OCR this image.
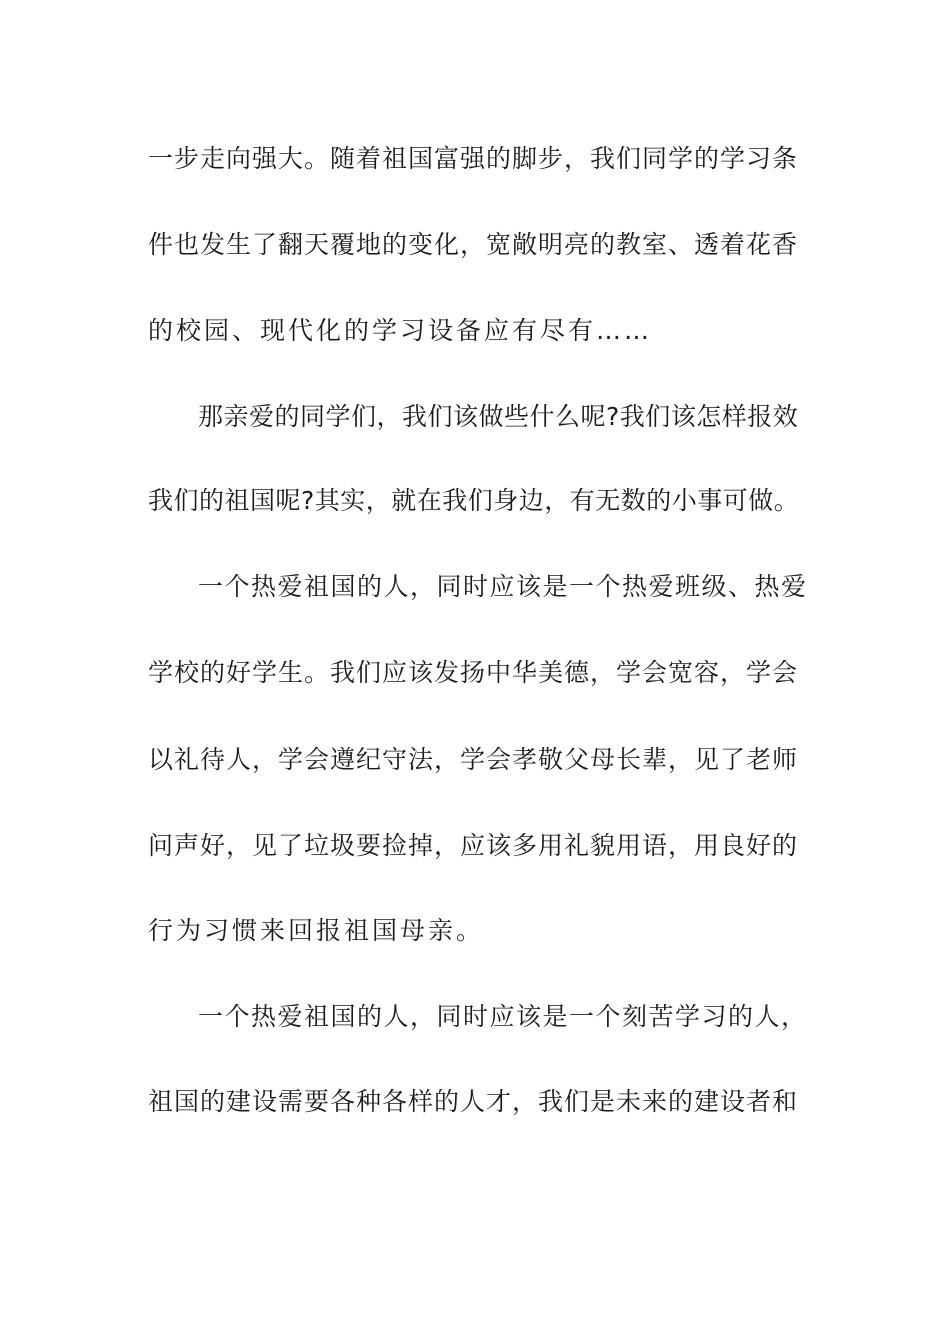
一步走向强大。随着祖国富强的脚步，我们同学的学习条
件也发生了翻天覆地的变化，宽敞明亮的教室、透着花香
的校园、现代化的学习设备应有尽有……
那亲爱的同学们，我们该做些什么呢?我们该怎样报效
我们的祖国呢?其实，就在我们身边，有无数的小事可做。
一个热爱祖国的人，同时应该是一个热爱班级、热爱
学校的好学生。我们应该发扬中华美德，学会宽容，学会
以礼待人，学会遵纪守法，学会孝敬父母长辈，见了老师
问声好，见了垃圾要捡掉，应该多用礼貌用语，用良好的
行为习惯来回报祖国母亲。
一个热爱祖国的人，同时应该是一个刻苦学习的人，
祖国的建设需要各种各样的人才，我们是未来的建设者和
